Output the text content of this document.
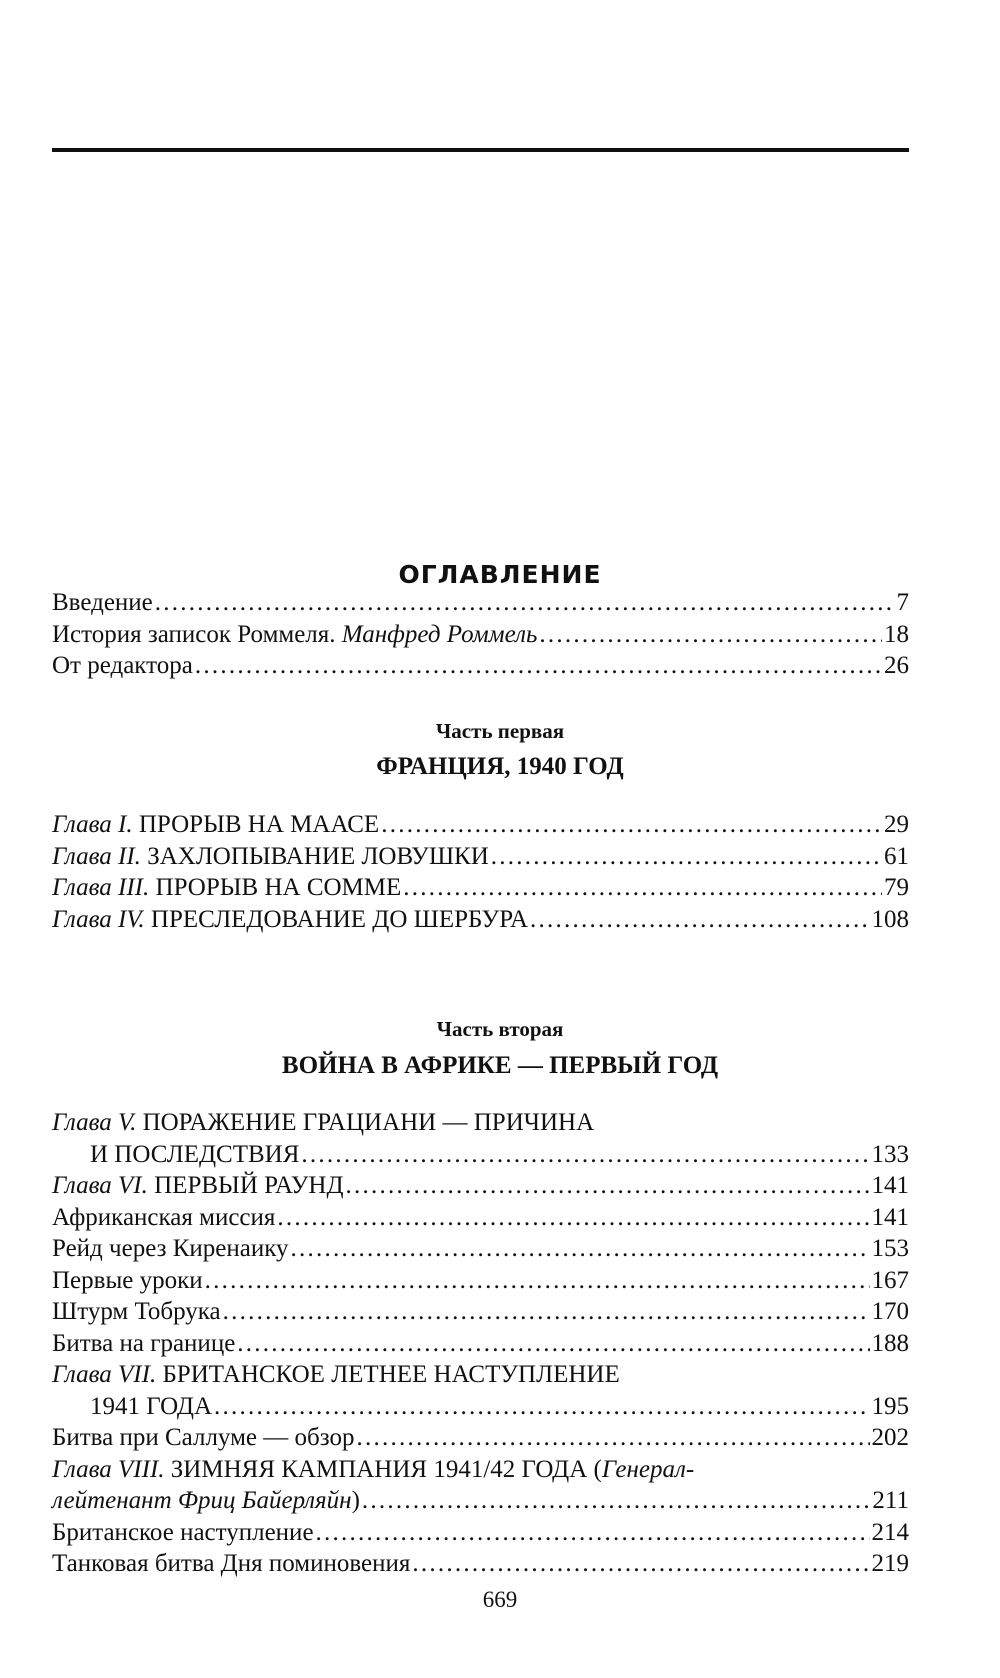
ОГЛАВЛЕНИЕ
Введение . . .	7
История записок Роммеля. Манфред Роммель . . .	18
От редактора . . .	26
Часть первая
ФРАНЦИЯ, 1940 ГОД
Глава I. ПРОРЫВ НА МААСЕ . . .	29
Глава II. ЗАХЛОПЫВАНИЕ ЛОВУШКИ . . .	61
Глава III. ПРОРЫВ НА СОММЕ . . .	79
Глава IV. ПРЕСЛЕДОВАНИЕ ДО ШЕРБУРА . . .	108
Часть вторая
ВОЙНА В АФРИКЕ — ПЕРВЫЙ ГОД
Глава V. ПОРАЖЕНИЕ ГРАЦИАНИ — ПРИЧИНА
И ПОСЛЕДСТВИЯ . . .	133
Глава VI. ПЕРВЫЙ РАУНД . . .	141
Африканская миссия . . .	141
Рейд через Киренаику . . .	153
Первые уроки . . .	167
Штурм Тобрука . . .	170
Битва на границе . . .	188
Глава VII. БРИТАНСКОЕ ЛЕТНЕЕ НАСТУПЛЕНИЕ
1941 ГОДА . . .	195
Битва при Саллуме — обзор . . .	202
Глава VIII. ЗИМНЯЯ КАМПАНИЯ 1941/42 ГОДА (Генерал-
лейтенант Фриц Байерляйн) . . .	211
Британское наступление . . .	214
Танковая битва Дня поминовения . . .	219
669
